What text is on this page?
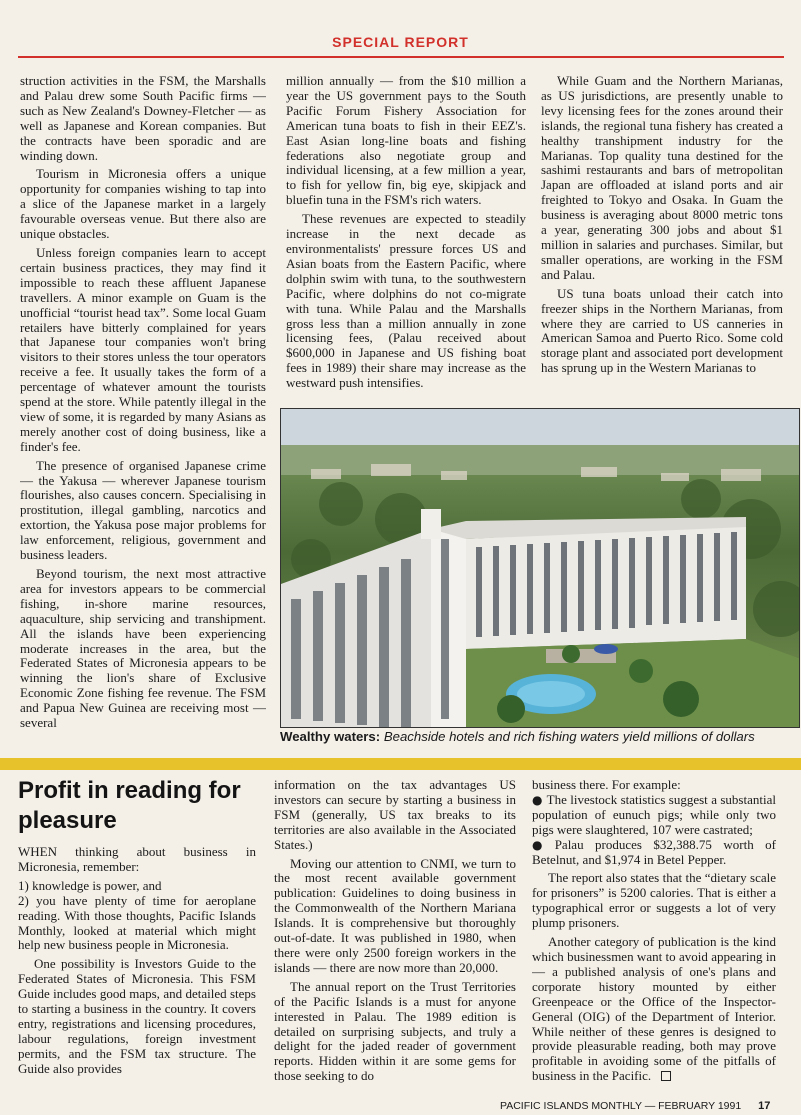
SPECIAL REPORT

struction activities in the FSM, the Marshalls and Palau drew some South Pacific firms — such as New Zealand's Downey-Fletcher — as well as Japanese and Korean companies. But the contracts have been sporadic and are winding down.

Tourism in Micronesia offers a unique opportunity for companies wishing to tap into a slice of the Japanese market in a largely favourable overseas venue. But there also are unique obstacles.

Unless foreign companies learn to accept certain business practices, they may find it impossible to reach these affluent Japanese travellers. A minor example on Guam is the unofficial “tourist head tax”. Some local Guam retailers have bitterly complained for years that Japanese tour companies won't bring visitors to their stores unless the tour operators receive a fee. It usually takes the form of a percentage of whatever amount the tourists spend at the store. While patently illegal in the view of some, it is regarded by many Asians as merely another cost of doing business, like a finder's fee.

The presence of organised Japanese crime — the Yakusa — wherever Japanese tourism flourishes, also causes concern. Specialising in prostitution, illegal gambling, narcotics and extortion, the Yakusa pose major problems for law enforcement, religious, government and business leaders.

Beyond tourism, the next most attractive area for investors appears to be commercial fishing, in-shore marine resources, aquaculture, ship servicing and transhipment. All the islands have been experiencing moderate increases in the area, but the Federated States of Micronesia appears to be winning the lion's share of Exclusive Economic Zone fishing fee revenue. The FSM and Papua New Guinea are receiving most — several

million annually — from the $10 million a year the US government pays to the South Pacific Forum Fishery Association for American tuna boats to fish in their EEZ's. East Asian long-line boats and fishing federations also negotiate group and individual licensing, at a few million a year, to fish for yellow fin, big eye, skipjack and bluefin tuna in the FSM's rich waters.

These revenues are expected to steadily increase in the next decade as environmentalists' pressure forces US and Asian boats from the Eastern Pacific, where dolphin swim with tuna, to the southwestern Pacific, where dolphins do not co-migrate with tuna. While Palau and the Marshalls gross less than a million annually in zone licensing fees, (Palau received about $600,000 in Japanese and US fishing boat fees in 1989) their share may increase as the westward push intensifies.

While Guam and the Northern Marianas, as US jurisdictions, are presently unable to levy licensing fees for the zones around their islands, the regional tuna fishery has created a healthy transhipment industry for the Marianas. Top quality tuna destined for the sashimi restaurants and bars of metropolitan Japan are offloaded at island ports and air freighted to Tokyo and Osaka. In Guam the business is averaging about 8000 metric tons a year, generating 300 jobs and about $1 million in salaries and purchases. Similar, but smaller operations, are working in the FSM and Palau.

US tuna boats unload their catch into freezer ships in the Northern Marianas, from where they are carried to US canneries in American Samoa and Puerto Rico. Some cold storage plant and associated port development has sprung up in the Western Marianas to

Wealthy waters: Beachside hotels and rich fishing waters yield millions of dollars
Profit in reading for pleasure

WHEN thinking about business in Micronesia, remember:

1) knowledge is power, and

2) you have plenty of time for aeroplane reading. With those thoughts, Pacific Islands Monthly, looked at material which might help new business people in Micronesia.

One possibility is Investors Guide to the Federated States of Micronesia. This FSM Guide includes good maps, and detailed steps to starting a business in the country. It covers entry, registrations and licensing procedures, labour regulations, foreign investment permits, and the FSM tax structure. The Guide also provides

information on the tax advantages US investors can secure by starting a business in FSM (generally, US tax breaks to its territories are also available in the Associated States.)

Moving our attention to CNMI, we turn to the most recent available government publication: Guidelines to doing business in the Commonwealth of the Northern Mariana Islands. It is comprehensive but thoroughly out-of-date. It was published in 1980, when there were only 2500 foreign workers in the islands — there are now more than 20,000.

The annual report on the Trust Territories of the Pacific Islands is a must for anyone interested in Palau. The 1989 edition is detailed on surprising subjects, and truly a delight for the jaded reader of government reports. Hidden within it are some gems for those seeking to do

business there. For example:

● The livestock statistics suggest a substantial population of eunuch pigs; while only two pigs were slaughtered, 107 were castrated;

● Palau produces $32,388.75 worth of Betelnut, and $1,974 in Betel Pepper.

The report also states that the “dietary scale for prisoners” is 5200 calories. That is either a typographical error or suggests a lot of very plump prisoners.

Another category of publication is the kind which businessmen want to avoid appearing in — a published analysis of one's plans and corporate history mounted by either Greenpeace or the Office of the Inspector-General (OIG) of the Department of Interior. While neither of these genres is designed to provide pleasurable reading, both may prove profitable in avoiding some of the pitfalls of business in the Pacific.

PACIFIC ISLANDS MONTHLY — FEBRUARY 1991 17
